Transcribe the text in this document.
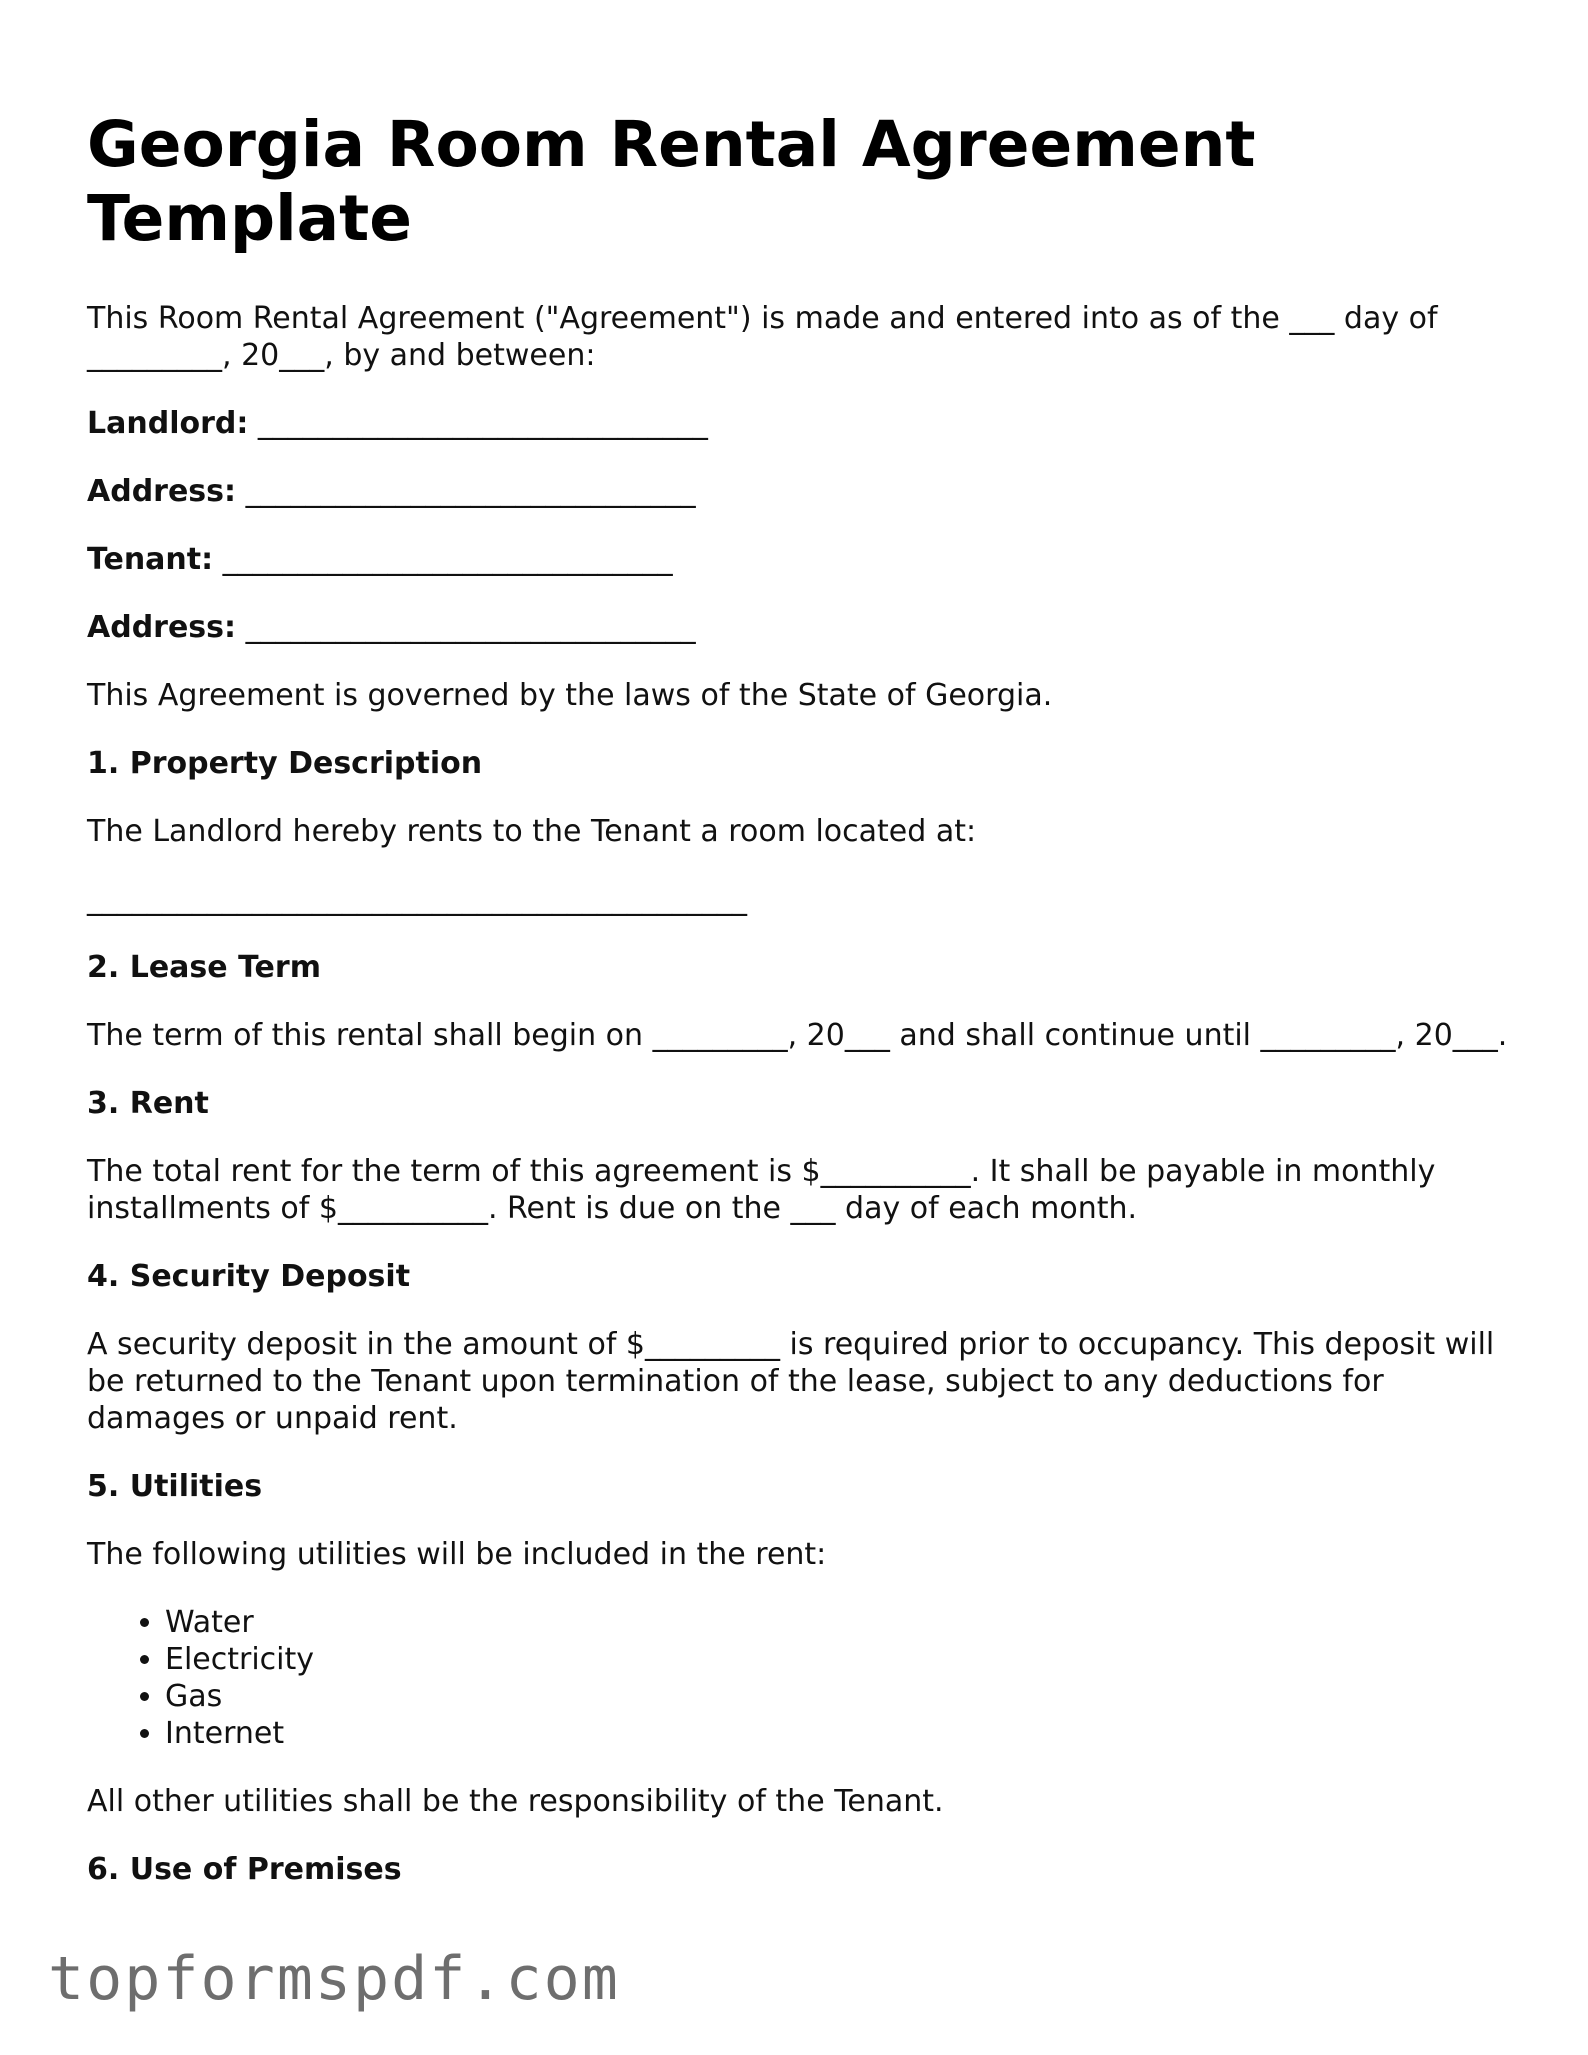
Georgia Room Rental Agreement Template

This Room Rental Agreement ("Agreement") is made and entered into as of the ___ day of _________, 20___, by and between:

Landlord: ______________________________
Address: ______________________________
Tenant: ______________________________
Address: ______________________________

This Agreement is governed by the laws of the State of Georgia.

1. Property Description

The Landlord hereby rents to the Tenant a room located at:
____________________________________________

2. Lease Term

The term of this rental shall begin on _________, 20___ and shall continue until _________, 20___.

3. Rent

The total rent for the term of this agreement is $__________. It shall be payable in monthly installments of $__________. Rent is due on the ___ day of each month.

4. Security Deposit

A security deposit in the amount of $_________ is required prior to occupancy. This deposit will be returned to the Tenant upon termination of the lease, subject to any deductions for damages or unpaid rent.

5. Utilities

The following utilities will be included in the rent:

• Water
• Electricity
• Gas
• Internet

All other utilities shall be the responsibility of the Tenant.

6. Use of Premises
topformspdf.com
